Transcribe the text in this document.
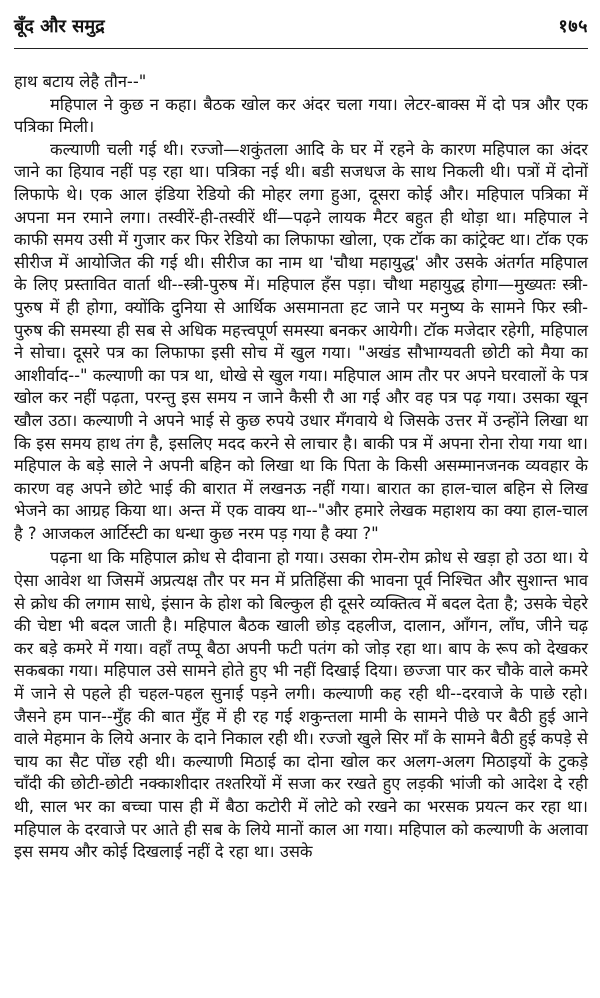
बूँद और समुद्र	१७५

हाथ बटाय लेहै तौन--"

महिपाल ने कुछ न कहा। बैठक खोल कर अंदर चला गया। लेटर-बाक्स में दो पत्र और एक पत्रिका मिली।

कल्याणी चली गई थी। रज्जो—शकुंतला आदि के घर में रहने के कारण महिपाल का अंदर जाने का हियाव नहीं पड़ रहा था। पत्रिका नई थी। बडी सजधज के साथ निकली थी। पत्रों में दोनों लिफाफे थे। एक आल इंडिया रेडियो की मोहर लगा हुआ, दूसरा कोई और। महिपाल पत्रिका में अपना मन रमाने लगा। तस्वीरें-ही-तस्वीरें थीं—पढ़ने लायक मैटर बहुत ही थोड़ा था। महिपाल ने काफी समय उसी में गुजार कर फिर रेडियो का लिफाफा खोला, एक टॉक का कांट्रेक्ट था। टॉक एक सीरीज में आयोजित की गई थी। सीरीज का नाम था 'चौथा महायुद्ध' और उसके अंतर्गत महिपाल के लिए प्रस्तावित वार्ता थी--स्त्री-पुरुष में। महिपाल हँस पड़ा। चौथा महायुद्ध होगा—मुख्यतः स्त्री-पुरुष में ही होगा, क्योंकि दुनिया से आर्थिक असमानता हट जाने पर मनुष्य के सामने फिर स्त्री-पुरुष की समस्या ही सब से अधिक महत्त्वपूर्ण समस्या बनकर आयेगी। टॉक मजेदार रहेगी, महिपाल ने सोचा। दूसरे पत्र का लिफाफा इसी सोच में खुल गया। "अखंड सौभाग्यवती छोटी को मैया का आशीर्वाद--" कल्याणी का पत्र था, धोखे से खुल गया। महिपाल आम तौर पर अपने घरवालों के पत्र खोल कर नहीं पढ़ता, परन्तु इस समय न जाने कैसी रौ आ गई और वह पत्र पढ़ गया। उसका खून खौल उठा। कल्याणी ने अपने भाई से कुछ रुपये उधार मँगवाये थे जिसके उत्तर में उन्होंने लिखा था कि इस समय हाथ तंग है, इसलिए मदद करने से लाचार है। बाकी पत्र में अपना रोना रोया गया था। महिपाल के बड़े साले ने अपनी बहिन को लिखा था कि पिता के किसी असम्मानजनक व्यवहार के कारण वह अपने छोटे भाई की बारात में लखनऊ नहीं गया। बारात का हाल-चाल बहिन से लिख भेजने का आग्रह किया था। अन्त में एक वाक्य था--"और हमारे लेखक महाशय का क्या हाल-चाल है ? आजकल आर्टिस्टी का धन्धा कुछ नरम पड़ गया है क्या ?"

पढ़ना था कि महिपाल क्रोध से दीवाना हो गया। उसका रोम-रोम क्रोध से खड़ा हो उठा था। ये ऐसा आवेश था जिसमें अप्रत्यक्ष तौर पर मन में प्रतिहिंसा की भावना पूर्व निश्चित और सुशान्त भाव से क्रोध की लगाम साधे, इंसान के होश को बिल्कुल ही दूसरे व्यक्तित्व में बदल देता है; उसके चेहरे की चेष्टा भी बदल जाती है। महिपाल बैठक खाली छोड़ दहलीज, दालान, आँगन, लाँघ, जीने चढ़ कर बड़े कमरे में गया। वहाँ तप्पू बैठा अपनी फटी पतंग को जोड़ रहा था। बाप के रूप को देखकर सकबका गया। महिपाल उसे सामने होते हुए भी नहीं दिखाई दिया। छज्जा पार कर चौके वाले कमरे में जाने से पहले ही चहल-पहल सुनाई पड़ने लगी। कल्याणी कह रही थी--दरवाजे के पाछे रहो। जैसने हम पान--मुँह की बात मुँह में ही रह गई शकुन्तला मामी के सामने पीछे पर बैठी हुई आने वाले मेहमान के लिये अनार के दाने निकाल रही थी। रज्जो खुले सिर माँ के सामने बैठी हुई कपड़े से चाय का सैट पोंछ रही थी। कल्याणी मिठाई का दोना खोल कर अलग-अलग मिठाइयों के टुकड़े चाँदी की छोटी-छोटी नक्काशीदार तश्तरियों में सजा कर रखते हुए लड़की भांजी को आदेश दे रही थी, साल भर का बच्चा पास ही में बैठा कटोरी में लोटे को रखने का भरसक प्रयत्न कर रहा था। महिपाल के दरवाजे पर आते ही सब के लिये मानों काल आ गया। महिपाल को कल्याणी के अलावा इस समय और कोई दिखलाई नहीं दे रहा था। उसके
